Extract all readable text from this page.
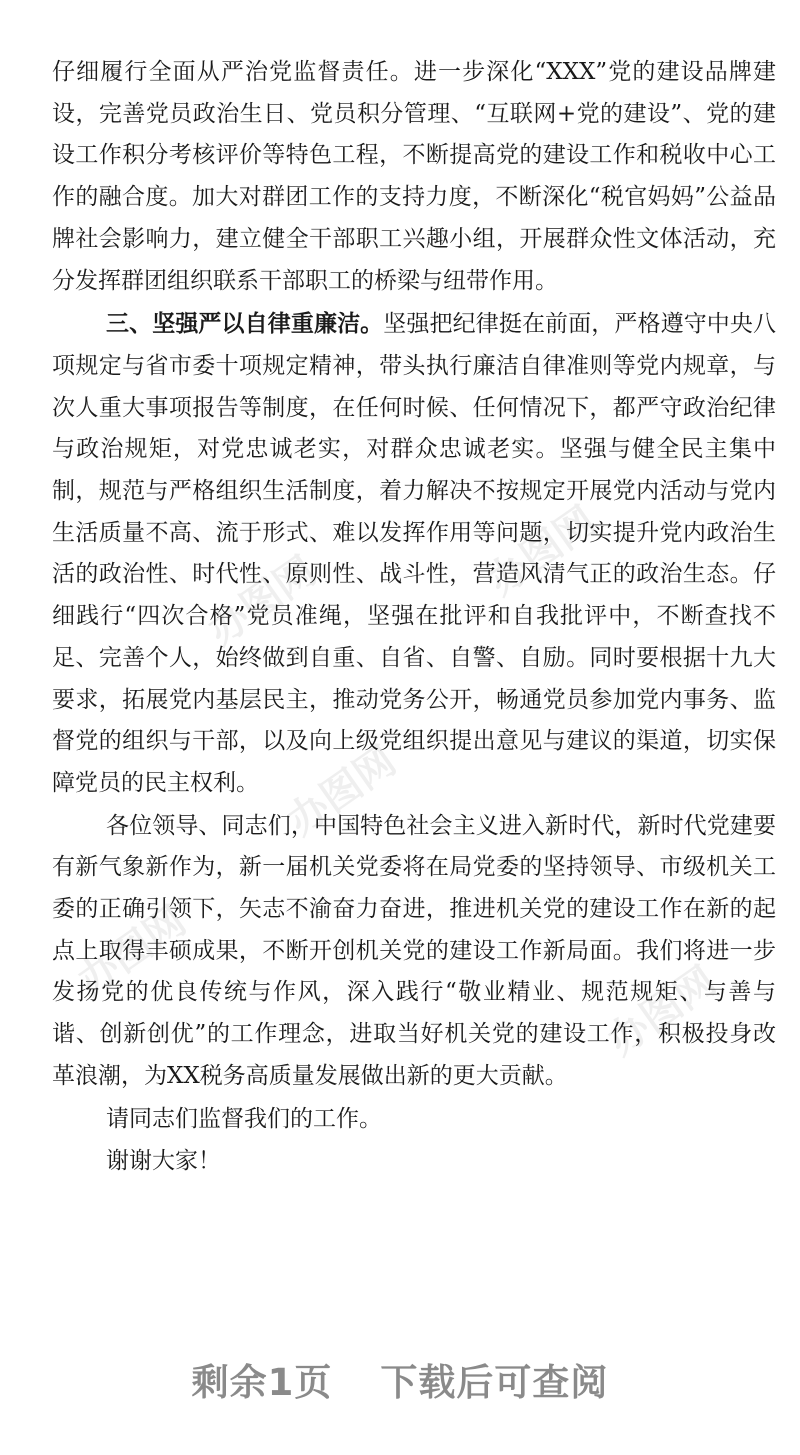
办图网	办图网
办图网
办图网
办图网

仔细履行全面从严治党监督责任。进一步深化“XXX”党的建设品牌建设，完善党员政治生日、党员积分管理、“互联网+党的建设”、党的建设工作积分考核评价等特色工程，不断提高党的建设工作和税收中心工作的融合度。加大对群团工作的支持力度，不断深化“税官妈妈”公益品牌社会影响力，建立健全干部职工兴趣小组，开展群众性文体活动，充分发挥群团组织联系干部职工的桥梁与纽带作用。

三、坚强严以自律重廉洁。坚强把纪律挺在前面，严格遵守中央八项规定与省市委十项规定精神，带头执行廉洁自律准则等党内规章，与次人重大事项报告等制度，在任何时候、任何情况下，都严守政治纪律与政治规矩，对党忠诚老实，对群众忠诚老实。坚强与健全民主集中制，规范与严格组织生活制度，着力解决不按规定开展党内活动与党内生活质量不高、流于形式、难以发挥作用等问题，切实提升党内政治生活的政治性、时代性、原则性、战斗性，营造风清气正的政治生态。仔细践行“四次合格”党员准绳，坚强在批评和自我批评中，不断查找不足、完善个人，始终做到自重、自省、自警、自励。同时要根据十九大要求，拓展党内基层民主，推动党务公开，畅通党员参加党内事务、监督党的组织与干部，以及向上级党组织提出意见与建议的渠道，切实保障党员的民主权利。

各位领导、同志们，中国特色社会主义进入新时代，新时代党建要有新气象新作为，新一届机关党委将在局党委的坚持领导、市级机关工委的正确引领下，矢志不渝奋力奋进，推进机关党的建设工作在新的起点上取得丰硕成果，不断开创机关党的建设工作新局面。我们将进一步发扬党的优良传统与作风，深入践行“敬业精业、规范规矩、与善与谐、创新创优”的工作理念，进取当好机关党的建设工作，积极投身改革浪潮，为XX税务高质量发展做出新的更大贡献。

请同志们监督我们的工作。

谢谢大家！

剩余1页 下载后可查阅
